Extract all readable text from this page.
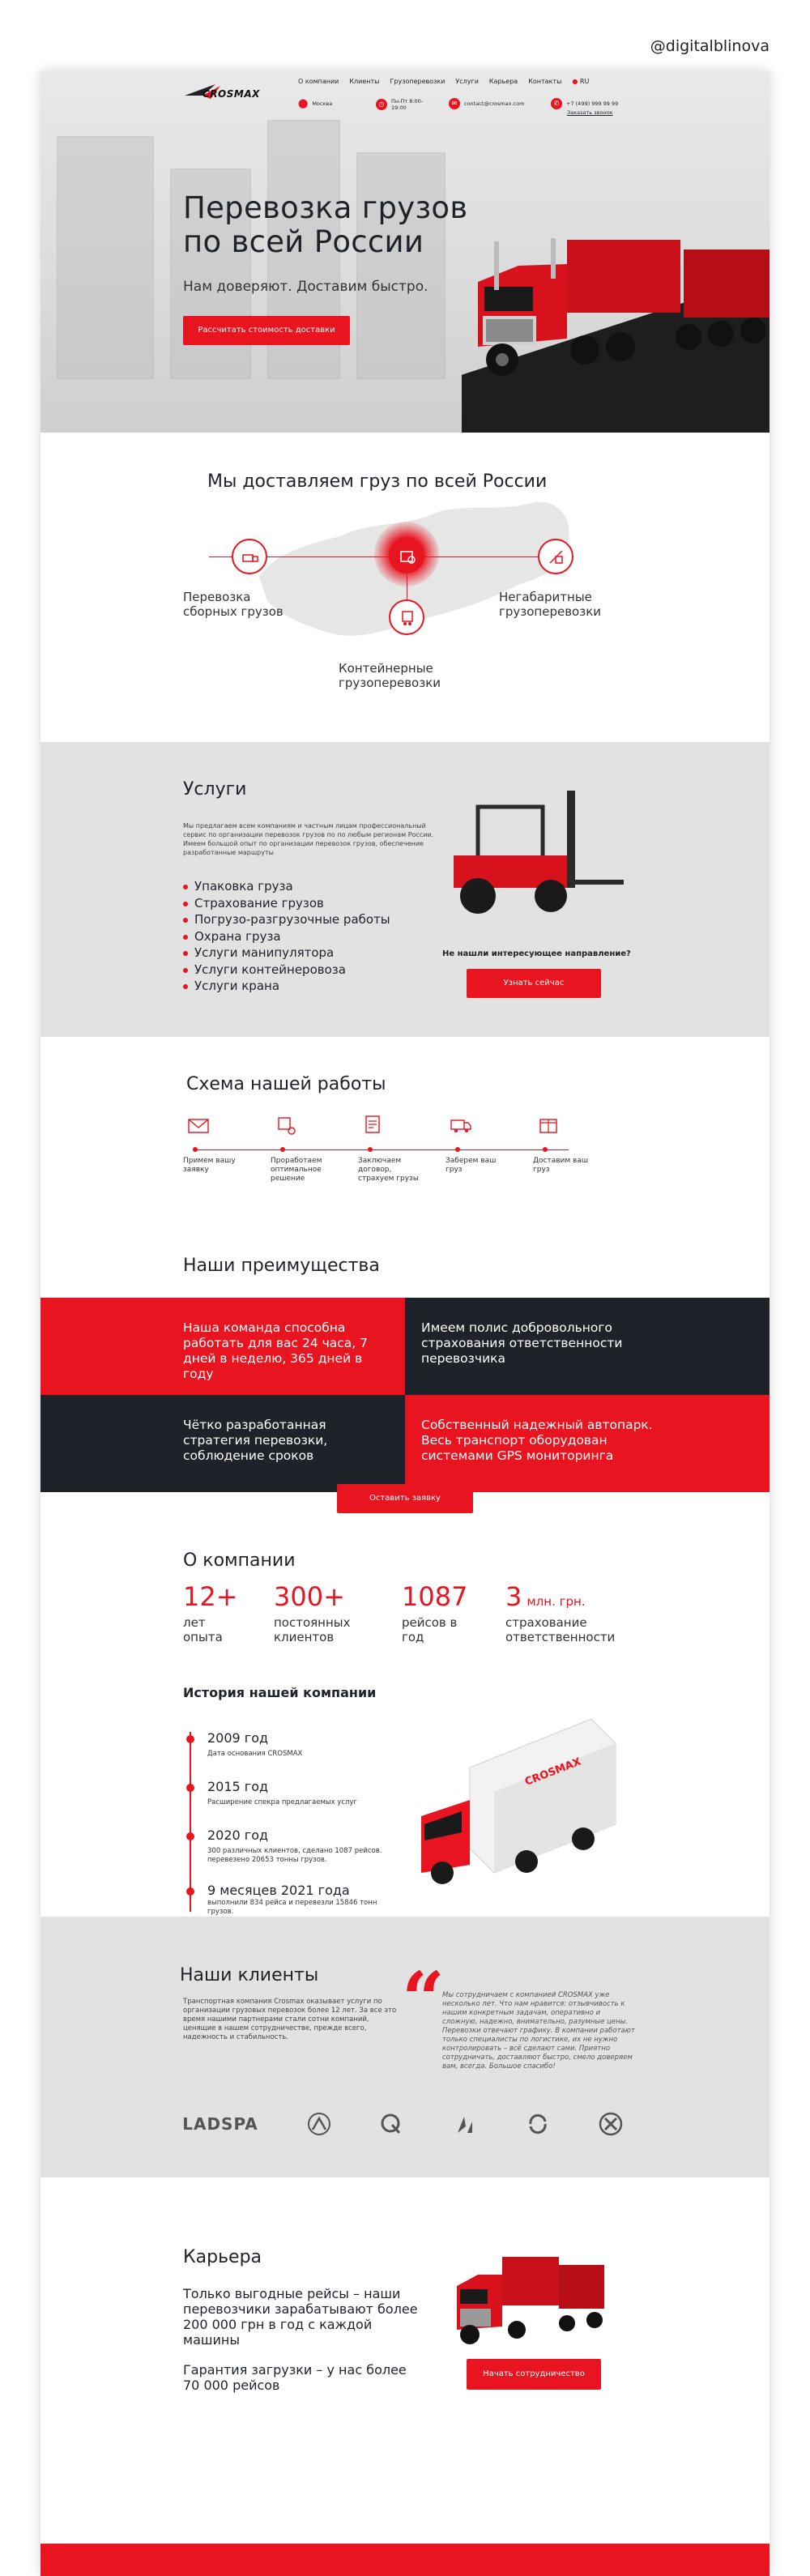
@digitalblinova
CROSMAX
О компании Клиенты Грузоперевозки Услуги Карьера Контакты ● RU
⬤ Москва	◷	Пн-Пт 8:00-19:00
✉	contact@crosmax.com	✆	+7 (499) 999 99 99
Заказать звонок
Перевозка грузов
по всей России
Нам доверяют. Доставим быстро.
Рассчитать стоимость доставки
Мы доставляем груз по всей России
Перевозка
сборных грузов
Негабаритные
грузоперевозки
Контейнерные
грузоперевозки
Услуги
Мы предлагаем всем компаниям и частным лицам профессиональный сервис по организации перевозок грузов по по любым регионам России. Имеем большой опыт по организации перевозок грузов, обеспечение разработанные маршруты
Упаковка груза
Страхование грузов
Погрузо-разгрузочные работы
Охрана груза
Услуги манипулятора
Услуги контейнеровоза
Услуги крана
Не нашли интересующее направление?
Узнать сейчас
Схема нашей работы
Примем вашу
заявку
Проработаем
оптимальное
решение
Заключаем
договор,
страхуем грузы
Заберем ваш
груз
Доставим ваш
груз
Наши преимущества
Наша команда способна работать для вас 24 часа, 7 дней в неделю, 365 дней в году
Имеем полис добровольного страхования ответственности перевозчика
Чётко разработанная стратегия перевозки, соблюдение сроков
Собственный надежный автопарк. Весь транспорт оборудован системами GPS мониторинга
Оставить заявку
О компании
12+
лет
опыта
300+
постоянных
клиентов
1087
рейсов в
год
3 млн. грн.
страхование
ответственности
История нашей компании
2009 год
Дата основания CROSMAX
2015 год
Расширение спекра предлагаемых услуг
2020 год
300 различных клиентов, сделано 1087 рейсов. перевезено 20653 тонны грузов.
9 месяцев 2021 года
выполнили 834 рейса и перевезли 15846 тонн грузов.
CROSMAX
Наши клиенты
Транспортная компания Crosmax оказывает услуги по организации грузовых перевозок более 12 лет. За все это время нашими партнерами стали сотни компаний, ценящие в нашем сотрудничестве, прежде всего, надежность и стабильность.	“
Мы сотрудничаем с компанией CROSMAX уже несколько лет. Что нам нравится: отзывчивость к нашим конкретным задачам, оперативно и сложную, надежно, внимательно, разумные цены. Перевозки отвечают графику. В компании работают только специалисты по логистике, их не нужно контролировать – всё сделают сами. Приятно сотрудничать, доставляют быстро, смело доверяем вам, всегда. Большое спасибо!
LADSPA
Карьера
Только выгодные рейсы – наши перевозчики зарабатывают более 200 000 грн в год с каждой машины
Гарантия загрузки – у нас более 70 000 рейсов
Начать сотрудничество
